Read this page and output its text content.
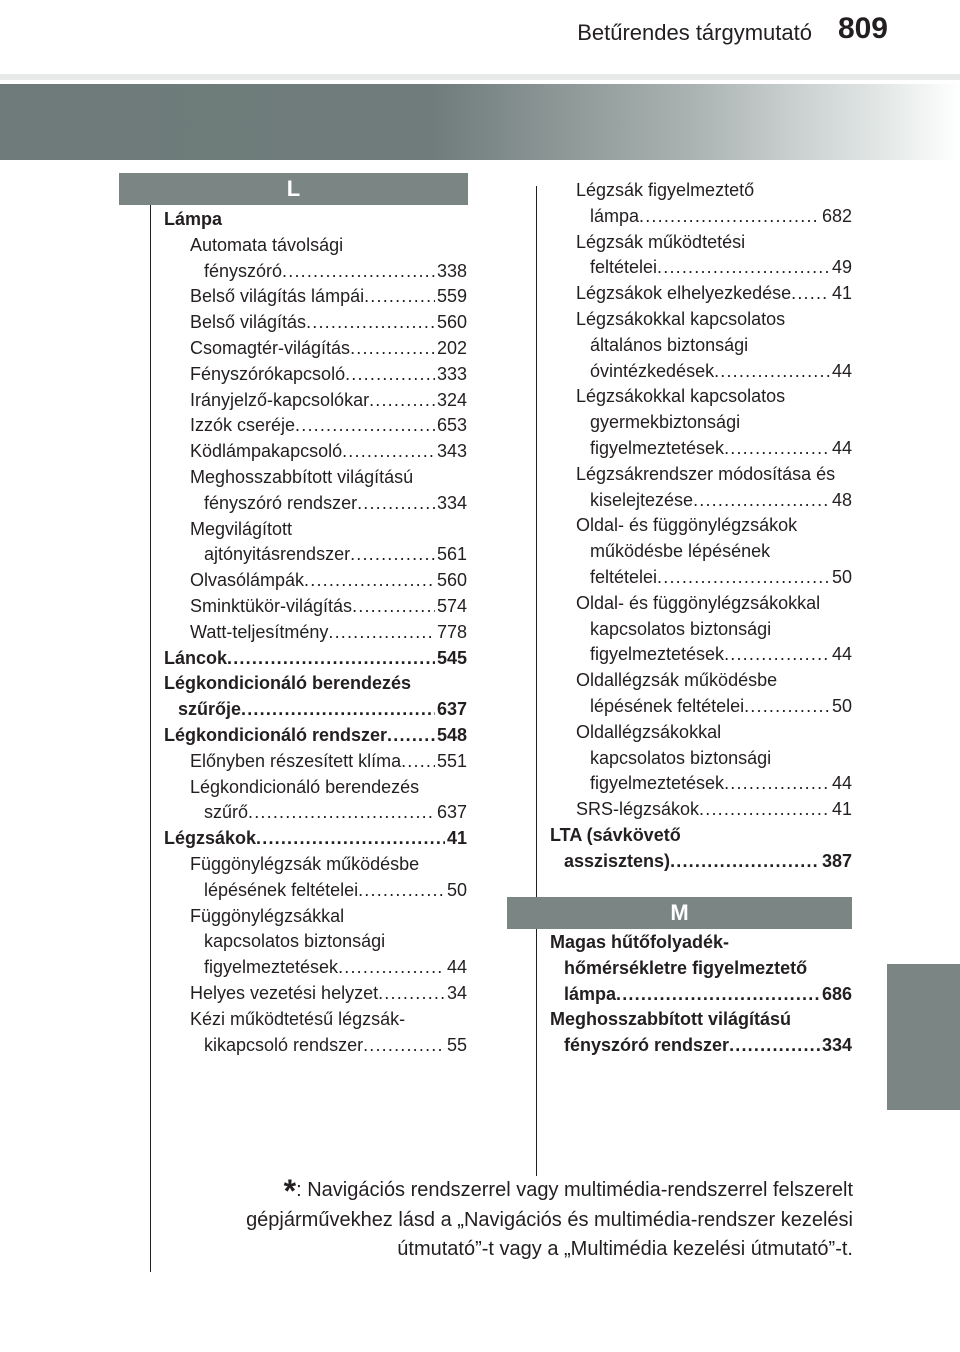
Betűrendes tárgymutató 809
L
Lámpa
Automata távolsági
fényszóró .....	338
Belső világítás lámpái .....	559
Belső világítás .....	560
Csomagtér-világítás .....	202
Fényszórókapcsoló .....	333
Irányjelző-kapcsolókar .....	324
Izzók cseréje .....	653
Ködlámpakapcsoló .....	343
Meghosszabbított világítású
fényszóró rendszer .....	334
Megvilágított
ajtónyitásrendszer .....	561
Olvasólámpák .....	560
Sminktükör-világítás .....	574
Watt-teljesítmény .....	778
Láncok .....	545
Légkondicionáló berendezés
szűrője .....	637
Légkondicionáló rendszer .....	548
Előnyben részesített klíma ..... 551
Légkondicionáló berendezés
szűrő .....	637
Légzsákok .....	41
Függönylégzsák működésbe
lépésének feltételei .....	50
Függönylégzsákkal
kapcsolatos biztonsági
figyelmeztetések .....	44
Helyes vezetési helyzet .....	34
Kézi működtetésű légzsák-
kikapcsoló rendszer .....	55
Légzsák figyelmeztető
lámpa .....	682
Légzsák működtetési
feltételei .....	49
Légzsákok elhelyezkedése ..... 41
Légzsákokkal kapcsolatos
általános biztonsági
óvintézkedések .....	44
Légzsákokkal kapcsolatos
gyermekbiztonsági
figyelmeztetések .....	44
Légzsákrendszer módosítása és
kiselejtezése .....	48
Oldal- és függönylégzsákok
működésbe lépésének
feltételei .....	50
Oldal- és függönylégzsákokkal
kapcsolatos biztonsági
figyelmeztetések .....	44
Oldallégzsák működésbe
lépésének feltételei .....	50
Oldallégzsákokkal
kapcsolatos biztonsági
figyelmeztetések .....	44
SRS-légzsákok .....	41
LTA (sávkövető
asszisztens) .....	387
M
Magas hűtőfolyadék-
hőmérsékletre figyelmeztető
lámpa .....	686
Meghosszabbított világítású
fényszóró rendszer .....	334
*: Navigációs rendszerrel vagy multimédia-rendszerrel felszerelt
gépjárművekhez lásd a „Navigációs és multimédia-rendszer kezelési
útmutató”-t vagy a „Multimédia kezelési útmutató”-t.
